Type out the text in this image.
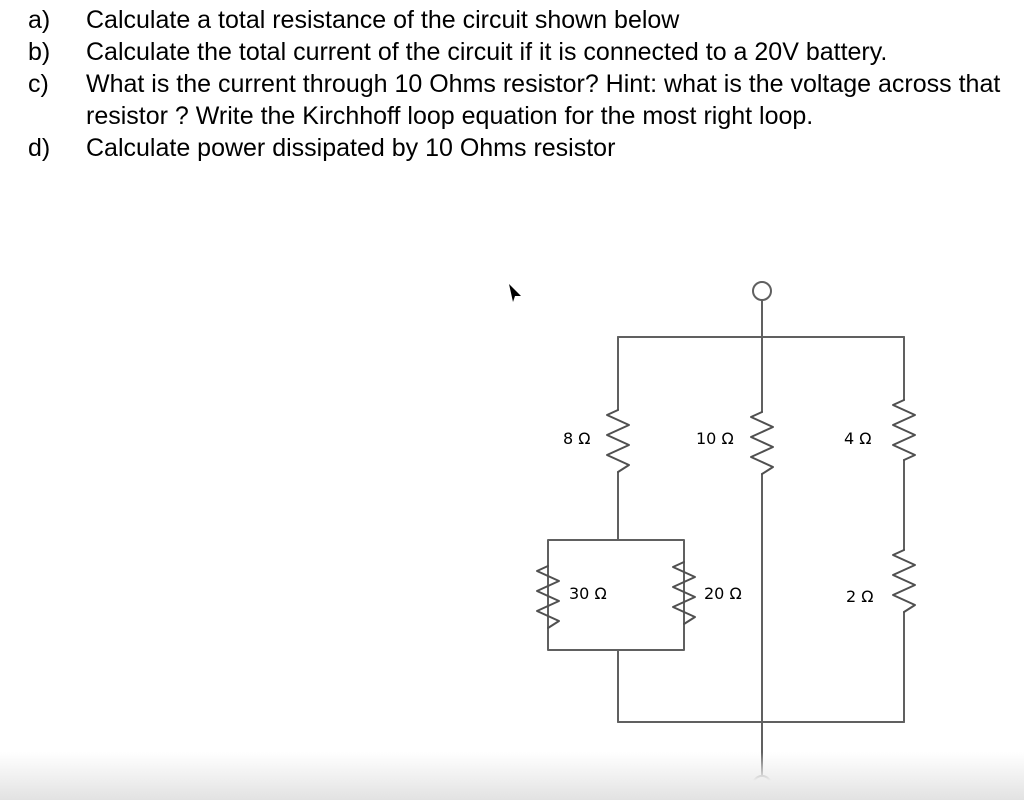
a)	Calculate a total resistance of the circuit shown below
b)	Calculate the total current of the circuit if it is connected to a 20V battery.
c)	What is the current through 10 Ohms resistor? Hint: what is the voltage across that resistor ? Write the Kirchhoff loop equation for the most right loop.
d)	Calculate power dissipated by 10 Ohms resistor
8 Ω	10 Ω	4 Ω
30 Ω	20 Ω	2 Ω
